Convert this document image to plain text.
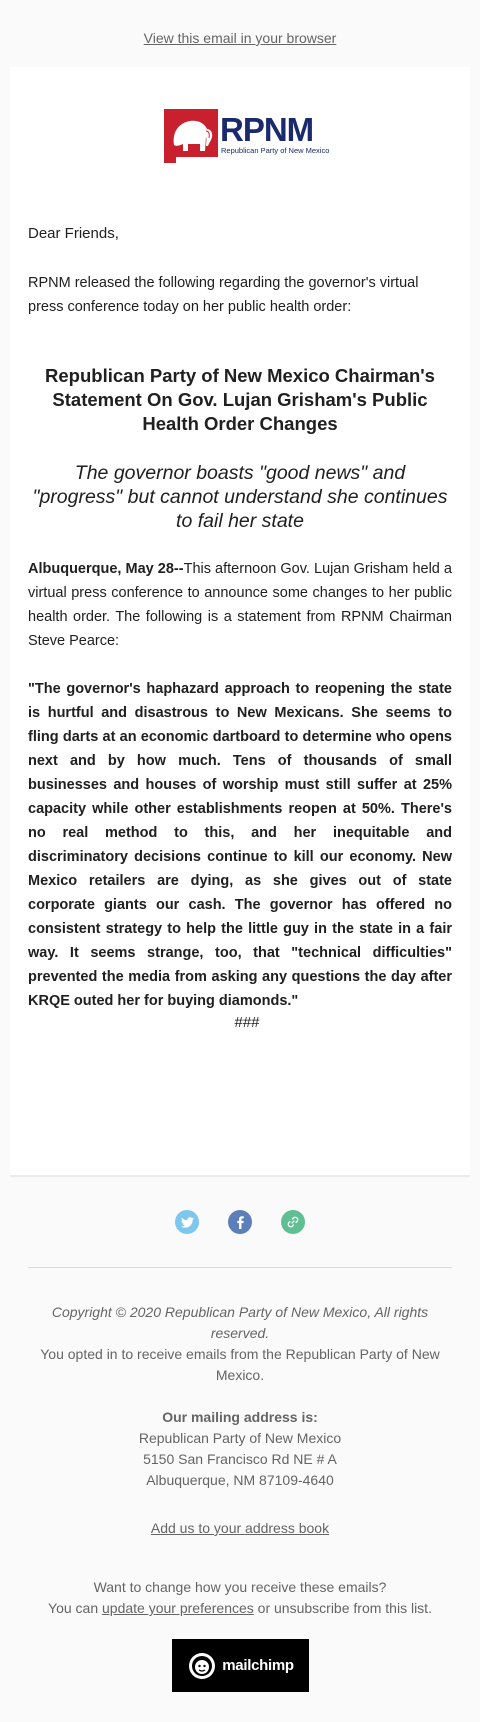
View this email in your browser
RPNM
Republican Party of New Mexico
Dear Friends,
RPNM released the following regarding the governor's virtual press conference today on her public health order:
Republican Party of New Mexico Chairman's Statement On Gov. Lujan Grisham's Public Health Order Changes
The governor boasts "good news" and "progress" but cannot understand she continues to fail her state
Albuquerque, May 28--This afternoon Gov. Lujan Grisham held a virtual press conference to announce some changes to her public health order. The following is a statement from RPNM Chairman Steve Pearce:
"The governor's haphazard approach to reopening the state is hurtful and disastrous to New Mexicans. She seems to fling darts at an economic dartboard to determine who opens next and by how much. Tens of thousands of small businesses and houses of worship must still suffer at 25% capacity while other establishments reopen at 50%. There's no real method to this, and her inequitable and discriminatory decisions continue to kill our economy. New Mexico retailers are dying, as she gives out of state corporate giants our cash. The governor has offered no consistent strategy to help the little guy in the state in a fair way. It seems strange, too, that "technical difficulties" prevented the media from asking any questions the day after KRQE outed her for buying diamonds."
###
Copyright © 2020 Republican Party of New Mexico, All rights reserved.
You opted in to receive emails from the Republican Party of New Mexico.
Our mailing address is:
Republican Party of New Mexico
5150 San Francisco Rd NE # A
Albuquerque, NM 87109-4640
Add us to your address book
Want to change how you receive these emails?
You can update your preferences or unsubscribe from this list.
mailchimp
